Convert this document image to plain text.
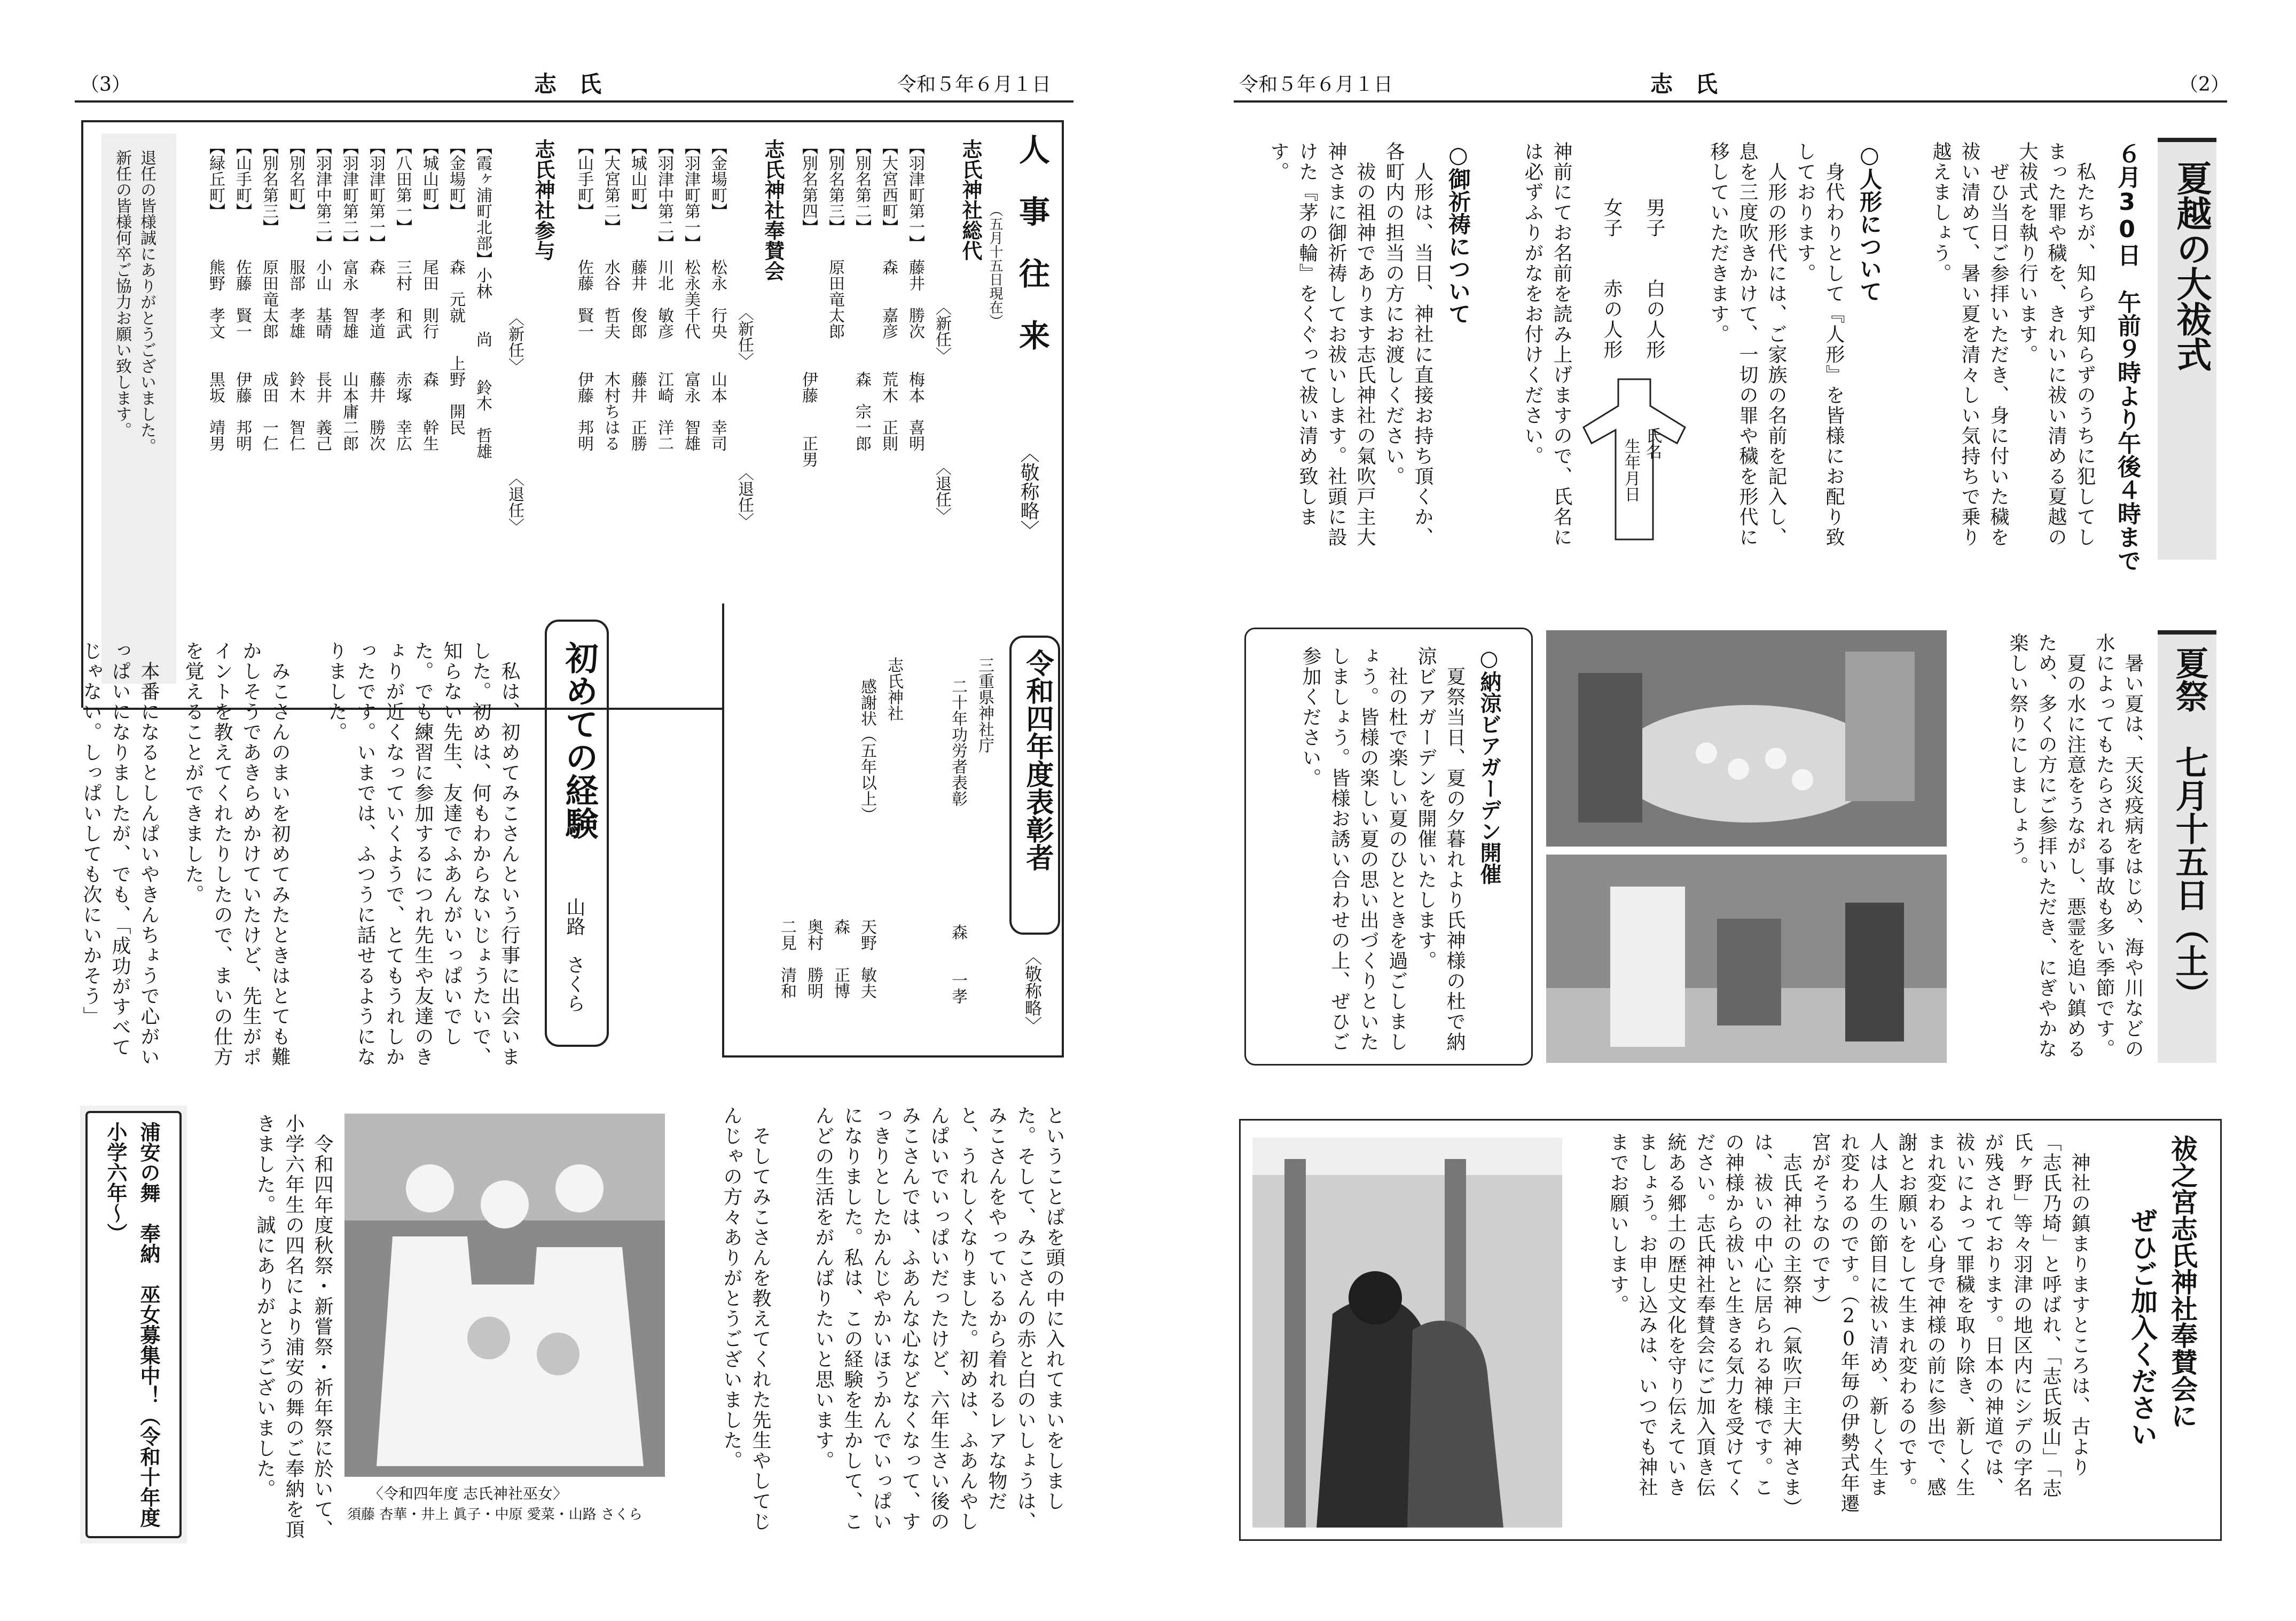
（3）	志　氏	令和５年６月１日
人　事　往　来
〈敬称略〉
（五月十五日現在）
志氏神社総代
〈新任〉
〈退任〉
【羽津町第一】　藤井　勝次　　梅本　喜明
【大宮西町】　　森　　嘉彦　　荒木　正則
【別名第二】　　　　　　　　　森　宗一郎
【別名第三】　　原田竜太郎
【別名第四】　　　　　　　　　伊藤　　正男
志氏神社奉賛会
〈新任〉
〈退任〉
【金場町】　　　松永　行央　　山本　幸司
【羽津町第一】　松永美千代　　富永　智雄
【羽津中第二】　川北　敏彦　　江崎　洋二
【城山町】　　　藤井　俊郎　　藤井　正勝
【大宮第二】　　水谷　哲夫　　木村ちはる
【山手町】　　　佐藤　賢一　　伊藤　邦明
志氏神社参与
〈新任〉
〈退任〉
【霞ヶ浦町北部】小林　　尚　　鈴木　哲雄
【金場町】　　　森　元就　　上野　開民
【城山町】　　　尾田　則行　　森　　幹生
【八田第一】　　三村　和武　　赤塚　幸広
【羽津町第一】　森　　孝道　　藤井　勝次
【羽津町第二】　富永　智雄　　山本庸二郎
【羽津中第二】　小山　基晴　　長井　義己
【別名町】　　　服部　孝雄　　鈴木　智仁
【別名第三】　　原田竜太郎　　成田　一仁
【山手町】　　　佐藤　賢一　　伊藤　邦明
【緑丘町】　　　熊野　孝文　　黒坂　靖男
退任の皆様誠にありがとうございました。
新任の皆様何卒ご協力お願い致します。
令和四年度表彰者
〈敬称略〉
三重県神社庁
二十年功労者表彰
森　　一孝
志氏神社
感謝状（五年以上）
天野　敏夫
森　　正博
奥村　勝明
二見　清和
初めての経験
山路　さくら
　私は、初めてみこさんという行事に出会いました。初めは、何もわからないじょうたいで、知らない先生、友達でふあんがいっぱいでした。でも練習に参加するにつれ先生や友達のきょりが近くなっていくようで、とてもうれしかったです。いまでは、ふつうに話せるようになりました。
　みこさんのまいを初めてみたときはとても難かしそうであきらめかけていたけど、先生がポイントを教えてくれたりしたので、まいの仕方を覚えることができました。
　本番になるとしんぱいやきんちょうで心がいっぱいになりましたが、でも、「成功がすべてじゃない。しっぱいしても次にいかそう」
ということばを頭の中に入れてまいをしました。そして、みこさんの赤と白のいしょうは、みこさんをやっているから着れるレアな物だと、うれしくなりました。初めは、ふあんやしんぱいでいっぱいだったけど、六年生さい後のみこさんでは、ふあんな心などなくなって、すっきりとしたかんじやかいほうかんでいっぱいになりました。私は、この経験を生かして、こんどの生活をがんばりたいと思います。
　そしてみこさんを教えてくれた先生やしてじんじゃの方々ありがとうございました。
〈令和四年度 志氏神社巫女〉
須藤 杏華・井上 眞子・中原 愛菜・山路 さくら
　令和四年度秋祭・新嘗祭・祈年祭に於いて、小学六年生の四名により浦安の舞のご奉納を頂きました。誠にありがとうございました。
浦安の舞　奉納　巫女募集中！（令和十年度小学六年〜）
令和５年６月１日	志　氏	（2）
夏越の大祓式
６月30日　午前９時より午後４時まで
　私たちが、知らず知らずのうちに犯してしまった罪や穢を、きれいに祓い清める夏越の大祓式を執り行います。
　ぜひ当日ご参拝いただき、身に付いた穢を祓い清めて、暑い夏を清々しい気持ちで乗り越えましょう。
○人形について
　身代わりとして『人形』を皆様にお配り致しております。
　人形の形代には、ご家族の名前を記入し、息を三度吹きかけて、一切の罪や穢を形代に移していただきます。
男子　　白の人形
女子　　赤の人形
氏名
生年月日
神前にてお名前を読み上げますので、氏名には必ずふりがなをお付けください。
○御祈祷について
　人形は、当日、神社に直接お持ち頂くか、各町内の担当の方にお渡しください。
　祓の祖神であります志氏神社の氣吹戸主大神さまに御祈祷してお祓いします。社頭に設けた『茅の輪』をくぐって祓い清め致します。
夏祭　七月十五日（土）
　暑い夏は、天災疫病をはじめ、海や川などの水によってもたらされる事故も多い季節です。
　夏の水に注意をうながし、悪霊を追い鎮めるため、多くの方にご参拝いただき、にぎやかな楽しい祭りにしましょう。
○納涼ビアガーデン開催
　夏祭当日、夏の夕暮れより氏神様の杜で納涼ビアガーデンを開催いたします。
　社の杜で楽しい夏のひとときを過ごしましょう。皆様の楽しい夏の思い出づくりといたしましょう。皆様お誘い合わせの上、ぜひご参加ください。
祓之宮志氏神社奉賛会に
ぜひご加入ください
　神社の鎮まりますところは、古より「志氏乃埼」と呼ばれ、「志氏坂山」「志氏ヶ野」等々羽津の地区内にシデの字名が残されております。日本の神道では、祓いによって罪穢を取り除き、新しく生まれ変わる心身で神様の前に参出で、感謝とお願いをして生まれ変わるのです。人は人生の節目に祓い清め、新しく生まれ変わるのです。（20年毎の伊勢式年遷宮がそうなのです）
　志氏神社の主祭神（氣吹戸主大神さま）は、祓いの中心に居られる神様です。この神様から祓いと生きる気力を受けてください。志氏神社奉賛会にご加入頂き伝統ある郷土の歴史文化を守り伝えていきましょう。お申し込みは、いつでも神社までお願いします。
